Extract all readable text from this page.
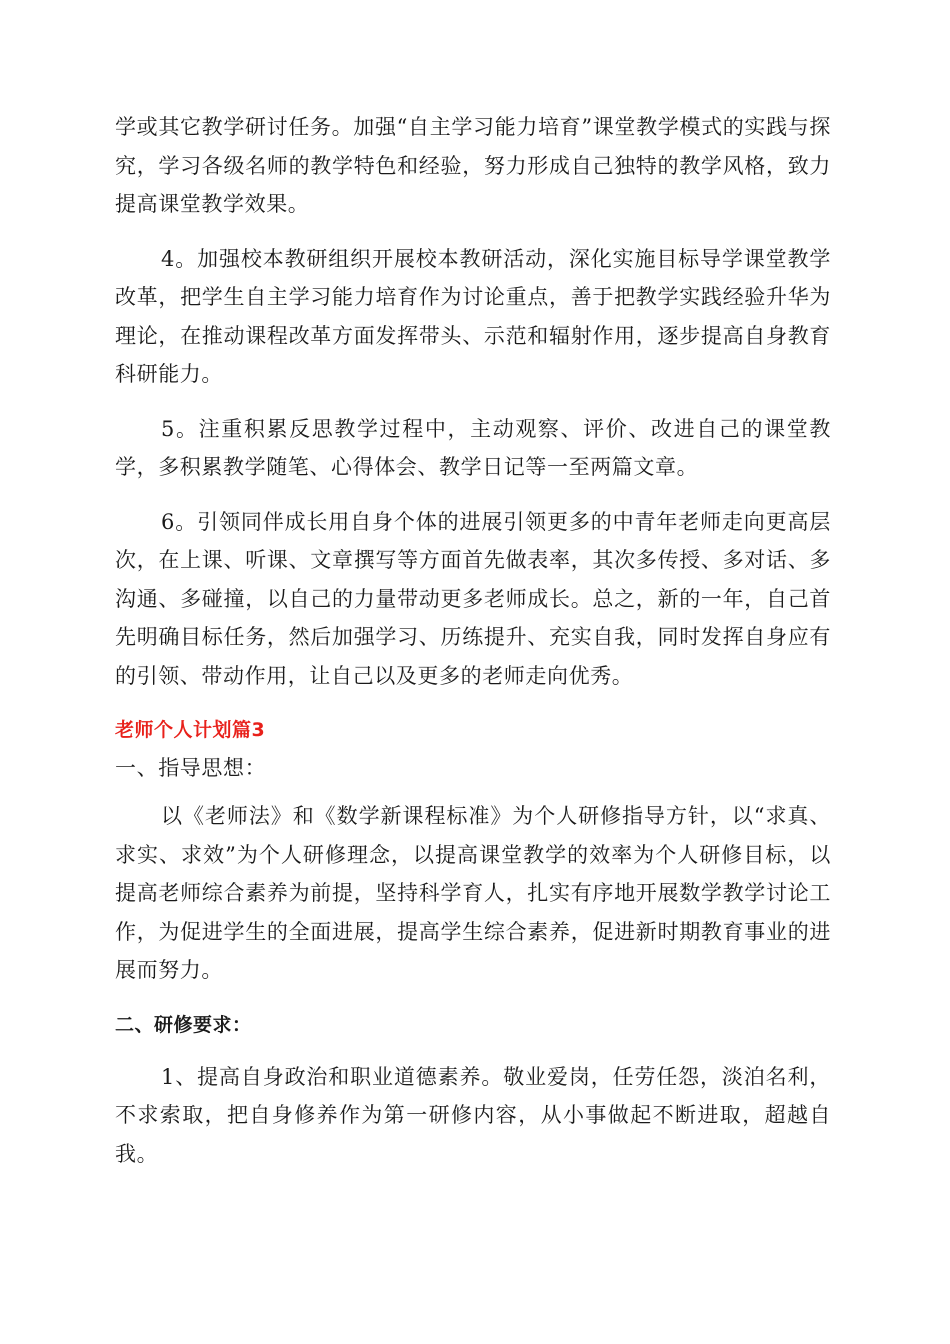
学或其它教学研讨任务。加强“自主学习能力培育”课堂教学模式的实践与探究，学习各级名师的教学特色和经验，努力形成自己独特的教学风格，致力提高课堂教学效果。

4。加强校本教研组织开展校本教研活动，深化实施目标导学课堂教学改革，把学生自主学习能力培育作为讨论重点，善于把教学实践经验升华为理论，在推动课程改革方面发挥带头、示范和辐射作用，逐步提高自身教育科研能力。

5。注重积累反思教学过程中，主动观察、评价、改进自己的课堂教学，多积累教学随笔、心得体会、教学日记等一至两篇文章。

6。引领同伴成长用自身个体的进展引领更多的中青年老师走向更高层次，在上课、听课、文章撰写等方面首先做表率，其次多传授、多对话、多沟通、多碰撞，以自己的力量带动更多老师成长。总之，新的一年，自己首先明确目标任务，然后加强学习、历练提升、充实自我，同时发挥自身应有的引领、带动作用，让自己以及更多的老师走向优秀。

老师个人计划篇3
一、指导思想：

以《老师法》和《数学新课程标准》为个人研修指导方针，以“求真、求实、求效”为个人研修理念，以提高课堂教学的效率为个人研修目标，以提高老师综合素养为前提，坚持科学育人，扎实有序地开展数学教学讨论工作，为促进学生的全面进展，提高学生综合素养，促进新时期教育事业的进展而努力。

二、研修要求：

1、提高自身政治和职业道德素养。敬业爱岗，任劳任怨，淡泊名利，不求索取，把自身修养作为第一研修内容，从小事做起不断进取，超越自我。
